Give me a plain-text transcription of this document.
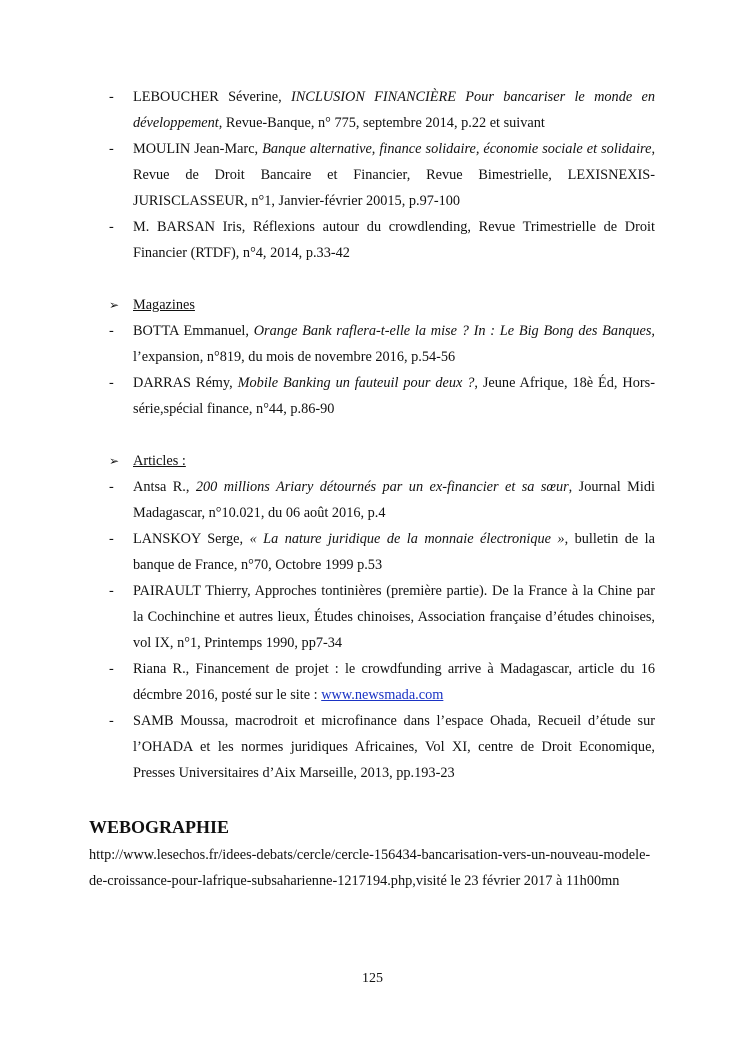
- LEBOUCHER Séverine, INCLUSION FINANCIÈRE Pour bancariser le monde en développement, Revue-Banque, n° 775, septembre 2014, p.22 et suivant
- MOULIN Jean-Marc, Banque alternative, finance solidaire, économie sociale et solidaire, Revue de Droit Bancaire et Financier, Revue Bimestrielle, LEXISNEXIS-JURISCLASSEUR, n°1, Janvier-février 20015, p.97-100
- M. BARSAN Iris, Réflexions autour du crowdlending, Revue Trimestrielle de Droit Financier (RTDF), n°4, 2014, p.33-42
➢ Magazines
- BOTTA Emmanuel, Orange Bank raflera-t-elle la mise ? In : Le Big Bong des Banques, l’expansion, n°819, du mois de novembre 2016, p.54-56
- DARRAS Rémy, Mobile Banking un fauteuil pour deux ?, Jeune Afrique, 18è Éd, Hors-série,spécial finance, n°44, p.86-90
➢ Articles :
- Antsa R., 200 millions Ariary détournés par un ex-financier et sa sœur, Journal Midi Madagascar, n°10.021, du 06 août 2016, p.4
- LANSKOY Serge, « La nature juridique de la monnaie électronique », bulletin de la banque de France, n°70, Octobre 1999 p.53
- PAIRAULT Thierry, Approches tontinières (première partie). De la France à la Chine par la Cochinchine et autres lieux, Études chinoises, Association française d’études chinoises, vol IX, n°1, Printemps 1990, pp7-34
- Riana R., Financement de projet : le crowdfunding arrive à Madagascar, article du 16 décmbre 2016, posté sur le site : www.newsmada.com
- SAMB Moussa, macrodroit et microfinance dans l’espace Ohada, Recueil d’étude sur l’OHADA et les normes juridiques Africaines, Vol XI, centre de Droit Economique, Presses Universitaires d’Aix Marseille, 2013, pp.193-23
WEBOGRAPHIE
http://www.lesechos.fr/idees-debats/cercle/cercle-156434-bancarisation-vers-un-nouveau-modele-de-croissance-pour-lafrique-subsaharienne-1217194.php,visité le 23 février 2017 à 11h00mn
125
